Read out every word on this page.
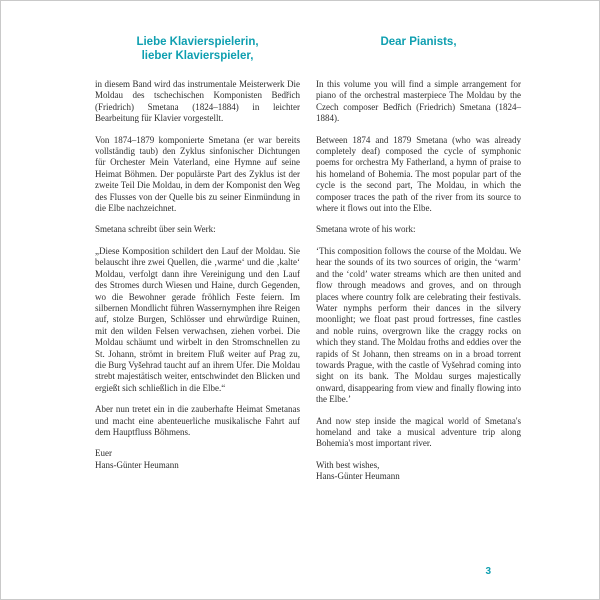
Liebe Klavierspielerin,
lieber Klavierspieler,

in diesem Band wird das instrumentale Meisterwerk Die Moldau des tschechischen Komponisten Bedřich (Friedrich) Smetana (1824–1884) in leichter Bearbeitung für Klavier vorgestellt.

Von 1874–1879 komponierte Smetana (er war bereits vollständig taub) den Zyklus sinfonischer Dichtungen für Orchester Mein Vaterland, eine Hymne auf seine Heimat Böhmen. Der populärste Part des Zyklus ist der zweite Teil Die Moldau, in dem der Komponist den Weg des Flusses von der Quelle bis zu seiner Einmündung in die Elbe nachzeichnet.

Smetana schreibt über sein Werk:

„Diese Komposition schildert den Lauf der Moldau. Sie belauscht ihre zwei Quellen, die ‚warme‘ und die ‚kalte‘ Moldau, verfolgt dann ihre Vereinigung und den Lauf des Stromes durch Wiesen und Haine, durch Gegenden, wo die Bewohner gerade fröhlich Feste feiern. Im silbernen Mondlicht führen Wassernymphen ihre Reigen auf, stolze Burgen, Schlösser und ehrwürdige Ruinen, mit den wilden Felsen verwachsen, ziehen vorbei. Die Moldau schäumt und wirbelt in den Stromschnellen zu St. Johann, strömt in breitem Fluß weiter auf Prag zu, die Burg Vyšehrad taucht auf an ihrem Ufer. Die Moldau strebt majestätisch weiter, entschwindet den Blicken und ergießt sich schließlich in die Elbe.“

Aber nun tretet ein in die zauberhafte Heimat Smetanas und macht eine abenteuerliche musikalische Fahrt auf dem Hauptfluss Böhmens.

Euer
Hans-Günter Heumann
Dear Pianists,

In this volume you will find a simple arrangement for piano of the orchestral masterpiece The Moldau by the Czech composer Bedřich (Friedrich) Smetana (1824–1884).

Between 1874 and 1879 Smetana (who was already completely deaf) composed the cycle of symphonic poems for orchestra My Fatherland, a hymn of praise to his homeland of Bohemia. The most popular part of the cycle is the second part, The Moldau, in which the composer traces the path of the river from its source to where it flows out into the Elbe.

Smetana wrote of his work:

‘This composition follows the course of the Moldau. We hear the sounds of its two sources of origin, the ‘warm’ and the ‘cold’ water streams which are then united and flow through meadows and groves, and on through places where country folk are celebrating their festivals. Water nymphs perform their dances in the silvery moonlight; we float past proud fortresses, fine castles and noble ruins, overgrown like the craggy rocks on which they stand. The Moldau froths and eddies over the rapids of St Johann, then streams on in a broad torrent towards Prague, with the castle of Vyšehrad coming into sight on its bank. The Moldau surges majestically onward, disappearing from view and finally flowing into the Elbe.’

And now step inside the magical world of Smetana's homeland and take a musical adventure trip along Bohemia's most important river.

With best wishes,
Hans-Günter Heumann
3
